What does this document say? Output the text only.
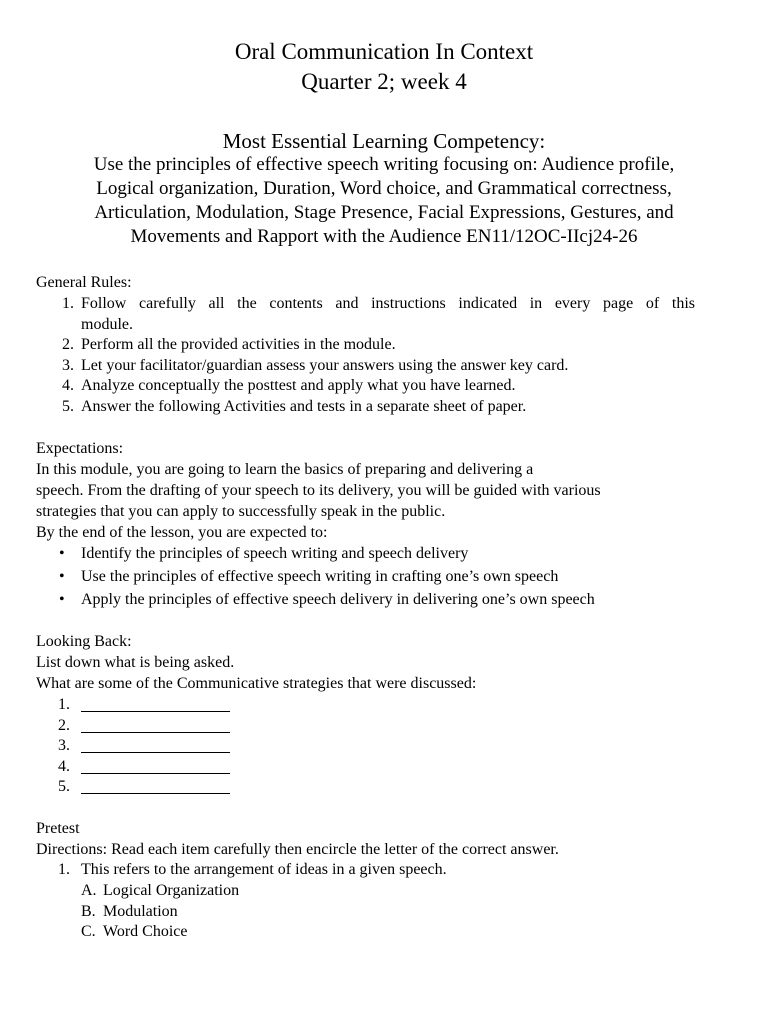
Oral Communication In Context
Quarter 2; week 4
Most Essential Learning Competency:
Use the principles of effective speech writing focusing on: Audience profile,
Logical organization, Duration, Word choice, and Grammatical correctness,
Articulation, Modulation, Stage Presence, Facial Expressions, Gestures, and
Movements and Rapport with the Audience EN11/12OC-IIcj24-26
General Rules:
1. Follow carefully all the contents and instructions indicated in every page of this
module.
2. Perform all the provided activities in the module.
3. Let your facilitator/guardian assess your answers using the answer key card.
4. Analyze conceptually the posttest and apply what you have learned.
5. Answer the following Activities and tests in a separate sheet of paper.
Expectations:
In this module, you are going to learn the basics of preparing and delivering a
speech. From the drafting of your speech to its delivery, you will be guided with various
strategies that you can apply to successfully speak in the public.
By the end of the lesson, you are expected to:
• Identify the principles of speech writing and speech delivery
• Use the principles of effective speech writing in crafting one’s own speech
• Apply the principles of effective speech delivery in delivering one’s own speech
Looking Back:
List down what is being asked.
What are some of the Communicative strategies that were discussed:
1.
2.
3.
4.
5.
Pretest
Directions: Read each item carefully then encircle the letter of the correct answer.
1. This refers to the arrangement of ideas in a given speech.
A. Logical Organization
B. Modulation
C. Word Choice
